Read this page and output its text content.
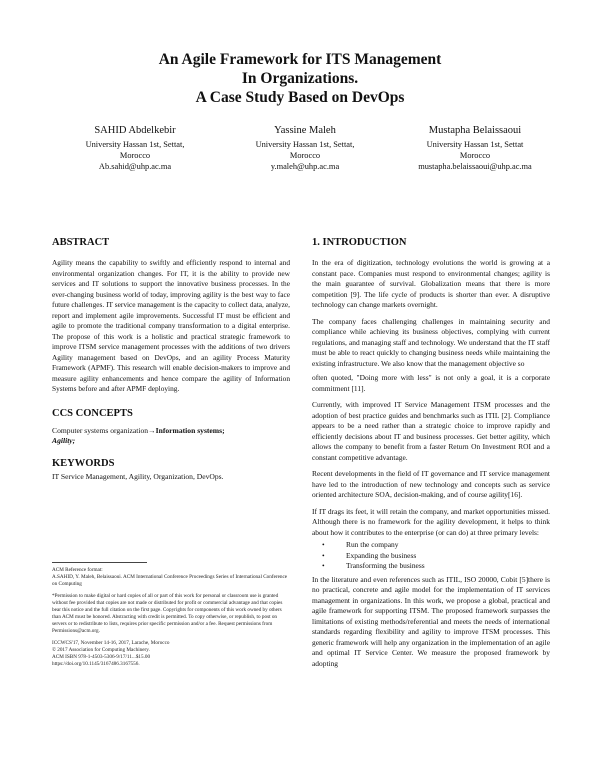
An Agile Framework for ITS Management
In Organizations.
A Case Study Based on DevOps
SAHID Abdelkebir
University Hassan 1st, Settat,
Morocco
Ab.sahid@uhp.ac.ma
Yassine Maleh
University Hassan 1st, Settat,
Morocco
y.maleh@uhp.ac.ma
Mustapha Belaissaoui
University Hassan 1st, Settat
Morocco
mustapha.belaissaoui@uhp.ac.ma
ABSTRACT

Agility means the capability to swiftly and efficiently respond to internal and environmental organization changes. For IT, it is the ability to provide new services and IT solutions to support the innovative business processes. In the ever-changing business world of today, improving agility is the best way to face future challenges. IT service management is the capacity to collect data, analyze, report and implement agile improvements. Successful IT must be efficient and agile to promote the traditional company transformation to a digital enterprise. The propose of this work is a holistic and practical strategic framework to improve ITSM service management processes with the additions of two drivers Agility management based on DevOps, and an agility Process Maturity Framework (APMF). This research will enable decision-makers to improve and measure agility enhancements and hence compare the agility of Information Systems before and after APMF deploying.

CCS CONCEPTS
Computer systems organization→Information systems;
Agility;
KEYWORDS
IT Service Management, Agility, Organization, DevOps.
ACM Reference format:
A.SAHID, Y. Maleh, Belaissaoui. ACM International Conference Proceedings Series of International Conference on Computing
*Permission to make digital or hard copies of all or part of this work for personal or classroom use is granted without fee provided that copies are not made or distributed for profit or commercial advantage and that copies bear this notice and the full citation on the first page. Copyrights for components of this work owned by others than ACM must be honored. Abstracting with credit is permitted. To copy otherwise, or republish, to post on servers or to redistribute to lists, requires prior specific permission and/or a fee. Request permissions from Permissions@acm.org.
ICCWCS'17, November 14-16, 2017, Larache, Morocco
© 2017 Association for Computing Machinery.
ACM ISBN 978-1-4503-5306-9/17/11...$15.00
https://doi.org/10.1145/3167486.3167556.
1. INTRODUCTION

In the era of digitization, technology evolutions the world is growing at a constant pace. Companies must respond to environmental changes; agility is the main guarantee of survival. Globalization means that there is more competition [9]. The life cycle of products is shorter than ever. A disruptive technology can change markets overnight.

The company faces challenging challenges in maintaining security and compliance while achieving its business objectives, complying with current regulations, and managing staff and technology. We understand that the IT staff must be able to react quickly to changing business needs while maintaining the existing infrastructure. We also know that the management objective so

often quoted, "Doing more with less" is not only a goal, it is a corporate commitment [11].

Currently, with improved IT Service Management ITSM processes and the adoption of best practice guides and benchmarks such as ITIL [2]. Compliance appears to be a need rather than a strategic choice to improve rapidly and efficiently decisions about IT and business processes. Get better agility, which allows the company to benefit from a faster Return On Investment ROI and a constant competitive advantage.

Recent developments in the field of IT governance and IT service management have led to the introduction of new technology and concepts such as service oriented architecture SOA, decision-making, and of course agility[16].

If IT drags its feet, it will retain the company, and market opportunities missed. Although there is no framework for the agility development, it helps to think about how it contributes to the enterprise (or can do) at three primary levels:

• Run the company
• Expanding the business
• Transforming the business

In the literature and even references such as ITIL, ISO 20000, Cobit [5]there is no practical, concrete and agile model for the implementation of IT services management in organizations. In this work, we propose a global, practical and agile framework for supporting ITSM. The proposed framework surpasses the limitations of existing methods/referential and meets the needs of international standards regarding flexibility and agility to improve ITSM processes. This generic framework will help any organization in the implementation of an agile and optimal IT Service Center. We measure the proposed framework by adopting
